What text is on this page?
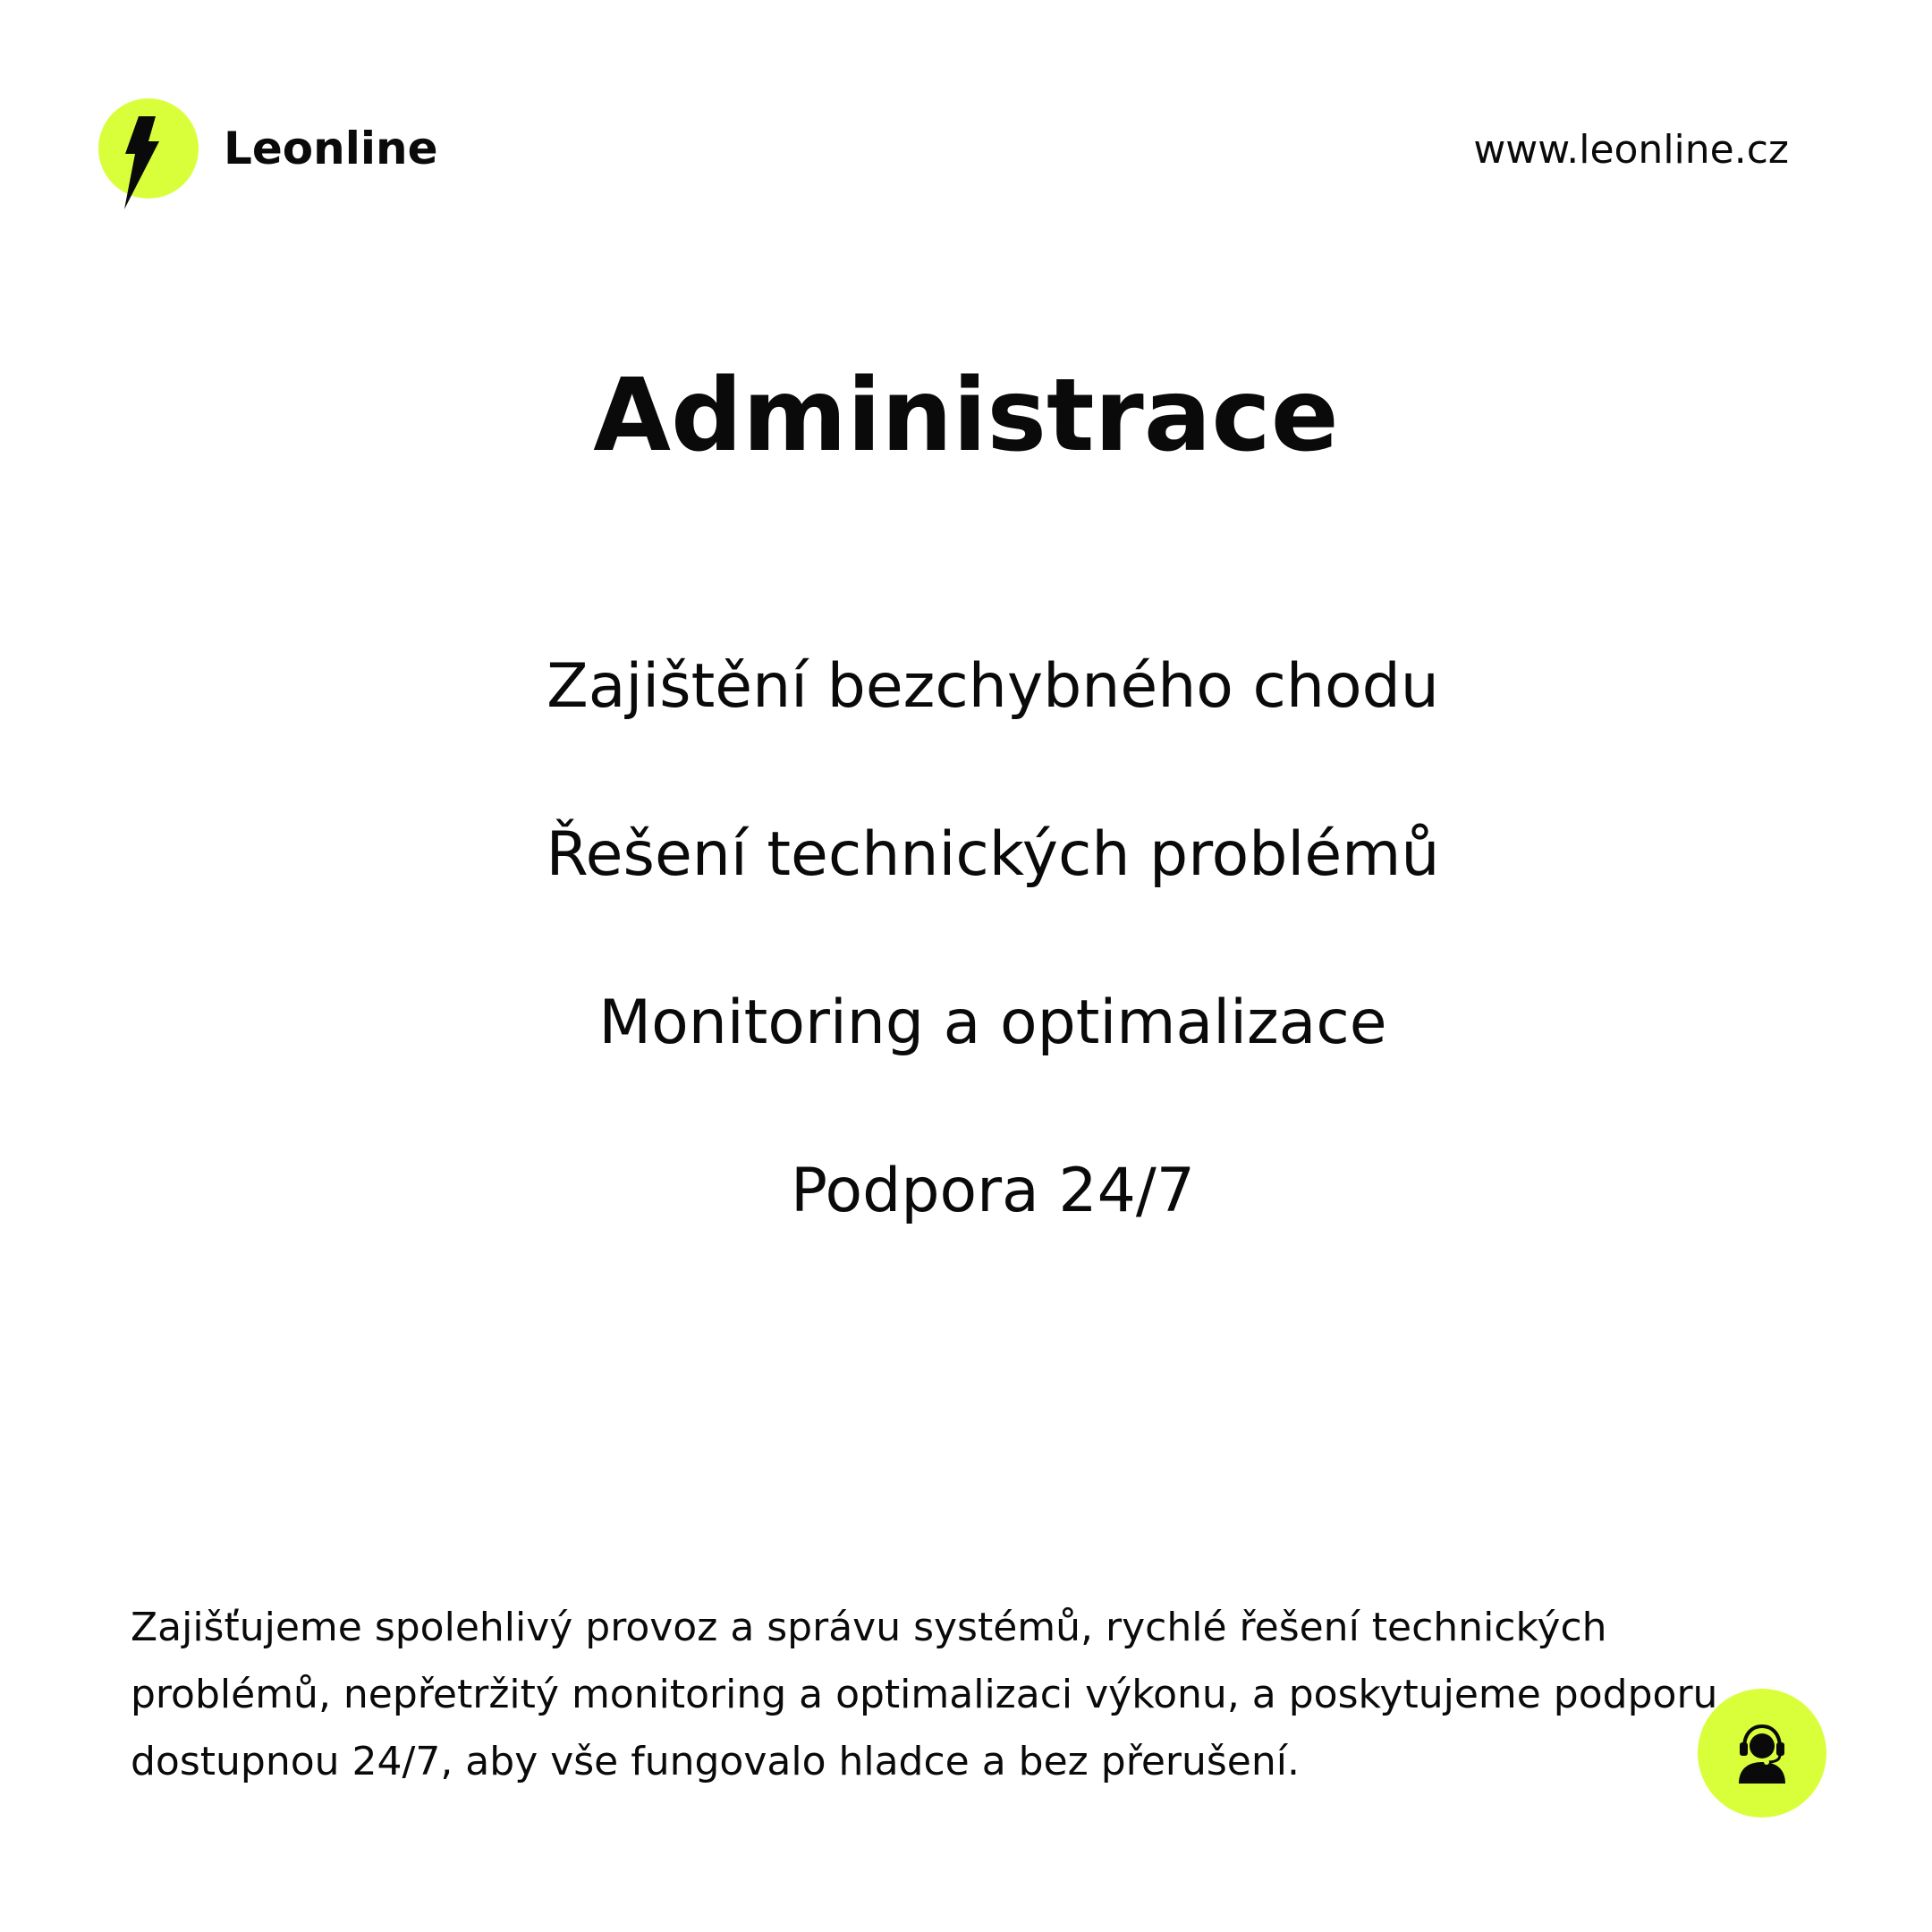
Leonline	www.leonline.cz
Administrace
Zajištění bezchybného chodu
Řešení technických problémů
Monitoring a optimalizace
Podpora 24/7

Zajišťujeme spolehlivý provoz a správu systémů, rychlé řešení technických problémů, nepřetržitý monitoring a optimalizaci výkonu, a poskytujeme podporu dostupnou 24/7, aby vše fungovalo hladce a bez přerušení.
